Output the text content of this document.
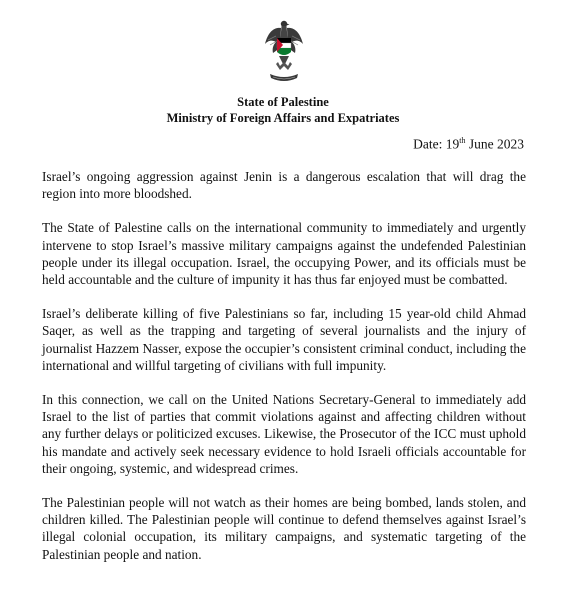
State of Palestine
Ministry of Foreign Affairs and Expatriates
Date: 19th June 2023

Israel’s ongoing aggression against Jenin is a dangerous escalation that will drag the region into more bloodshed.

The State of Palestine calls on the international community to immediately and urgently intervene to stop Israel’s massive military campaigns against the undefended Palestinian people under its illegal occupation. Israel, the occupying Power, and its officials must be held accountable and the culture of impunity it has thus far enjoyed must be combatted.

Israel’s deliberate killing of five Palestinians so far, including 15 year-old child Ahmad Saqer, as well as the trapping and targeting of several journalists and the injury of journalist Hazzem Nasser, expose the occupier’s consistent criminal conduct, including the international and willful targeting of civilians with full impunity.

In this connection, we call on the United Nations Secretary-General to immediately add Israel to the list of parties that commit violations against and affecting children without any further delays or politicized excuses. Likewise, the Prosecutor of the ICC must uphold his mandate and actively seek necessary evidence to hold Israeli officials accountable for their ongoing, systemic, and widespread crimes.

The Palestinian people will not watch as their homes are being bombed, lands stolen, and children killed. The Palestinian people will continue to defend themselves against Israel’s illegal colonial occupation, its military campaigns, and systematic targeting of the Palestinian people and nation.
